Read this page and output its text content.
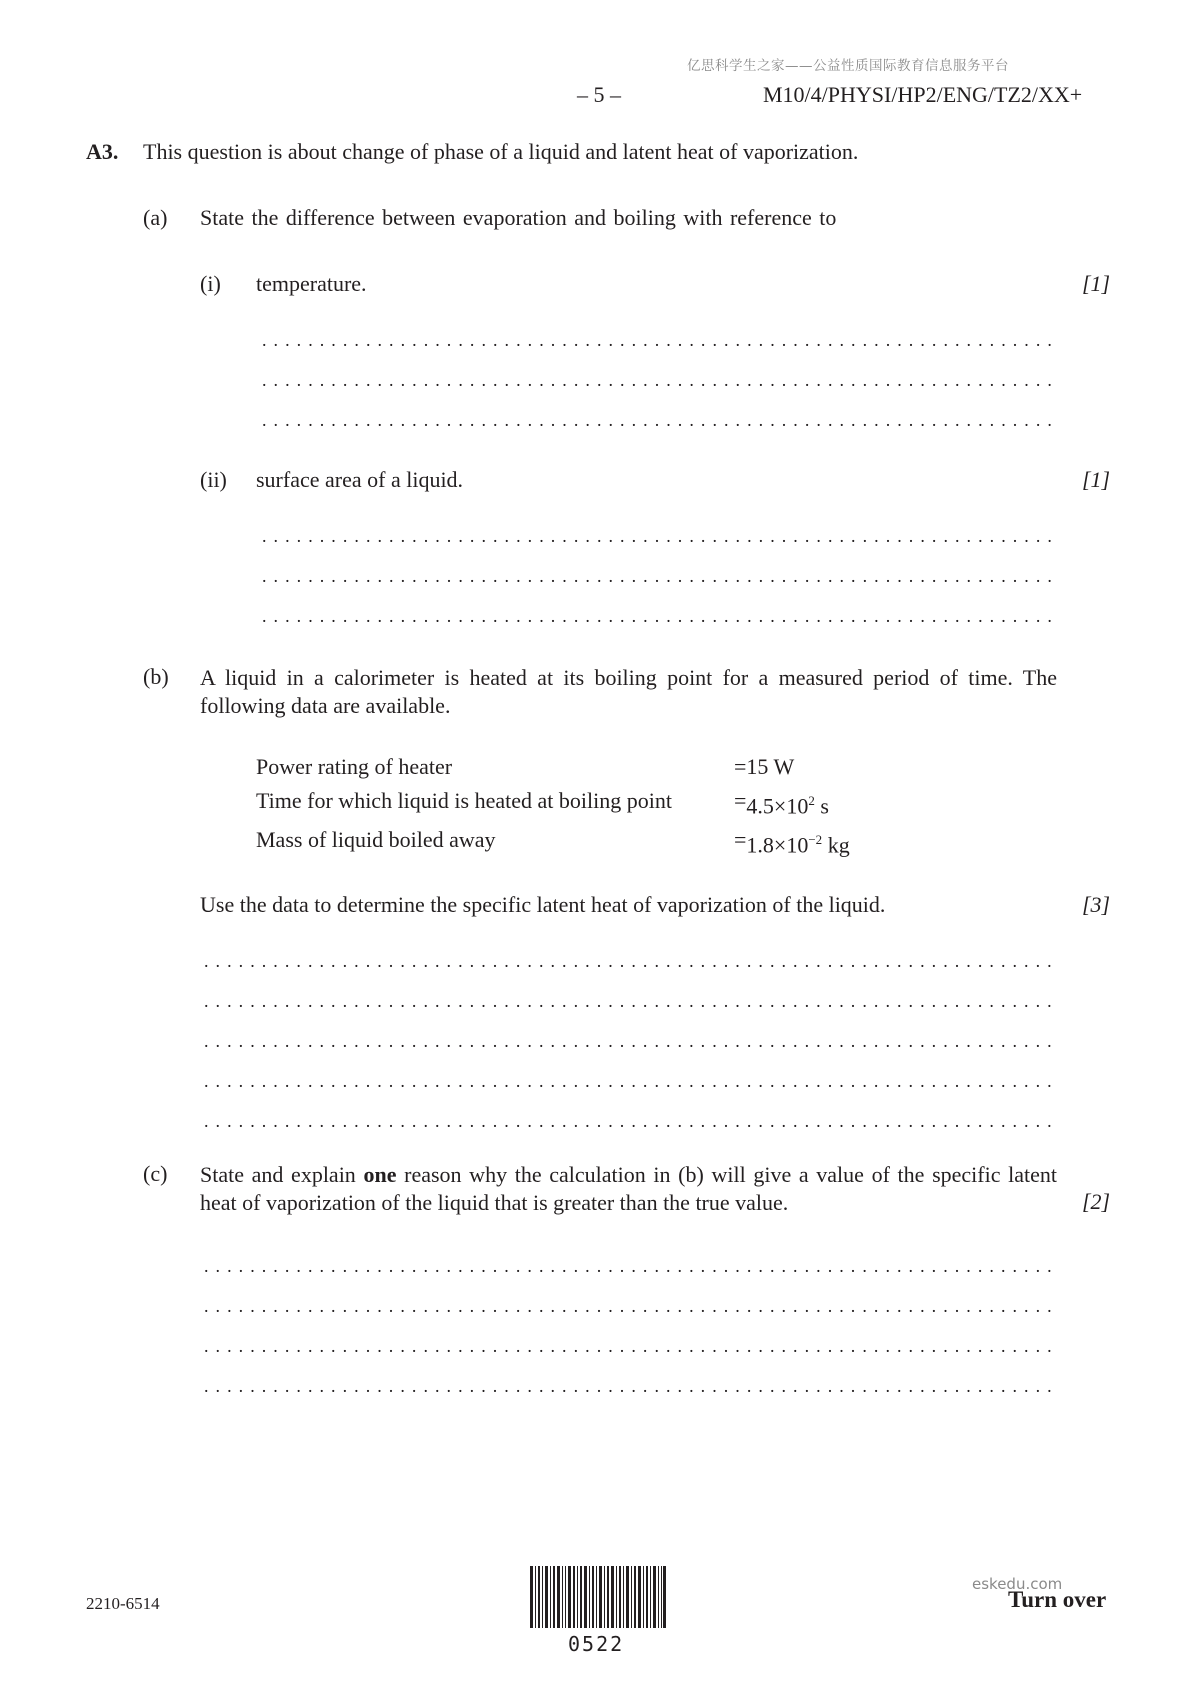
亿思科学生之家——公益性质国际教育信息服务平台
– 5 –	M10/4/PHYSI/HP2/ENG/TZ2/XX+
A3. This question is about change of phase of a liquid and latent heat of vaporization.
(a) State the difference between evaporation and boiling with reference to
(i) temperature.	[1]
. . .
. . .
. . .
(ii) surface area of a liquid.	[1]
. . .
. . .
. . .
(b) A liquid in a calorimeter is heated at its boiling point for a measured period of time. The following data are available.
Power rating of heater	= 15 W
Time for which liquid is heated at boiling point	= $4.5\times 10^2$ s
Mass of liquid boiled away	= $1.8\times 10^{-2}$ kg
Use the data to determine the specific latent heat of vaporization of the liquid.	[3]
. . .
. . .
. . .
. . .
. . .
(c) State and explain one reason why the calculation in (b) will give a value of the specific latent heat of vaporization of the liquid that is greater than the true value.	[2]
. . .
. . .
. . .
. . .
2210-6514
0522
eskedu.com
Turn over
